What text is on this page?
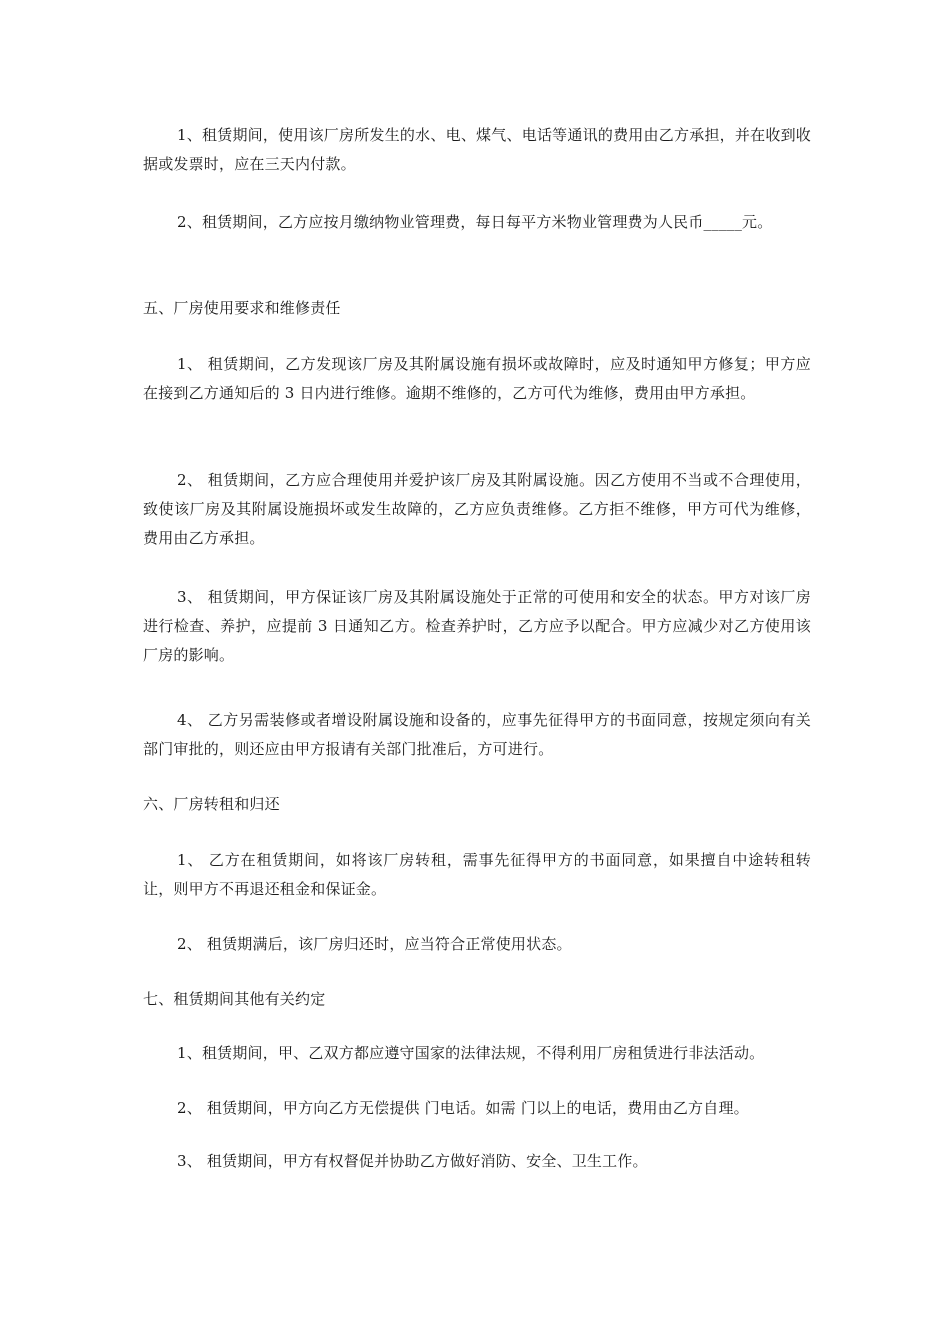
1、租赁期间，使用该厂房所发生的水、电、煤气、电话等通讯的费用由乙方承担，并在收到收据或发票时，应在三天内付款。

2、租赁期间，乙方应按月缴纳物业管理费，每日每平方米物业管理费为人民币_____元。

五、厂房使用要求和维修责任

1、 租赁期间，乙方发现该厂房及其附属设施有损坏或故障时，应及时通知甲方修复；甲方应在接到乙方通知后的 3 日内进行维修。逾期不维修的，乙方可代为维修，费用由甲方承担。

2、 租赁期间，乙方应合理使用并爱护该厂房及其附属设施。因乙方使用不当或不合理使用，致使该厂房及其附属设施损坏或发生故障的，乙方应负责维修。乙方拒不维修，甲方可代为维修，费用由乙方承担。

3、 租赁期间，甲方保证该厂房及其附属设施处于正常的可使用和安全的状态。甲方对该厂房进行检查、养护，应提前 3 日通知乙方。检查养护时，乙方应予以配合。甲方应减少对乙方使用该厂房的影响。

4、 乙方另需装修或者增设附属设施和设备的，应事先征得甲方的书面同意，按规定须向有关部门审批的，则还应由甲方报请有关部门批准后，方可进行。

六、厂房转租和归还

1、 乙方在租赁期间，如将该厂房转租，需事先征得甲方的书面同意，如果擅自中途转租转让，则甲方不再退还租金和保证金。

2、 租赁期满后，该厂房归还时，应当符合正常使用状态。

七、租赁期间其他有关约定

1、租赁期间，甲、乙双方都应遵守国家的法律法规，不得利用厂房租赁进行非法活动。

2、 租赁期间，甲方向乙方无偿提供 门电话。如需 门以上的电话，费用由乙方自理。

3、 租赁期间，甲方有权督促并协助乙方做好消防、安全、卫生工作。
